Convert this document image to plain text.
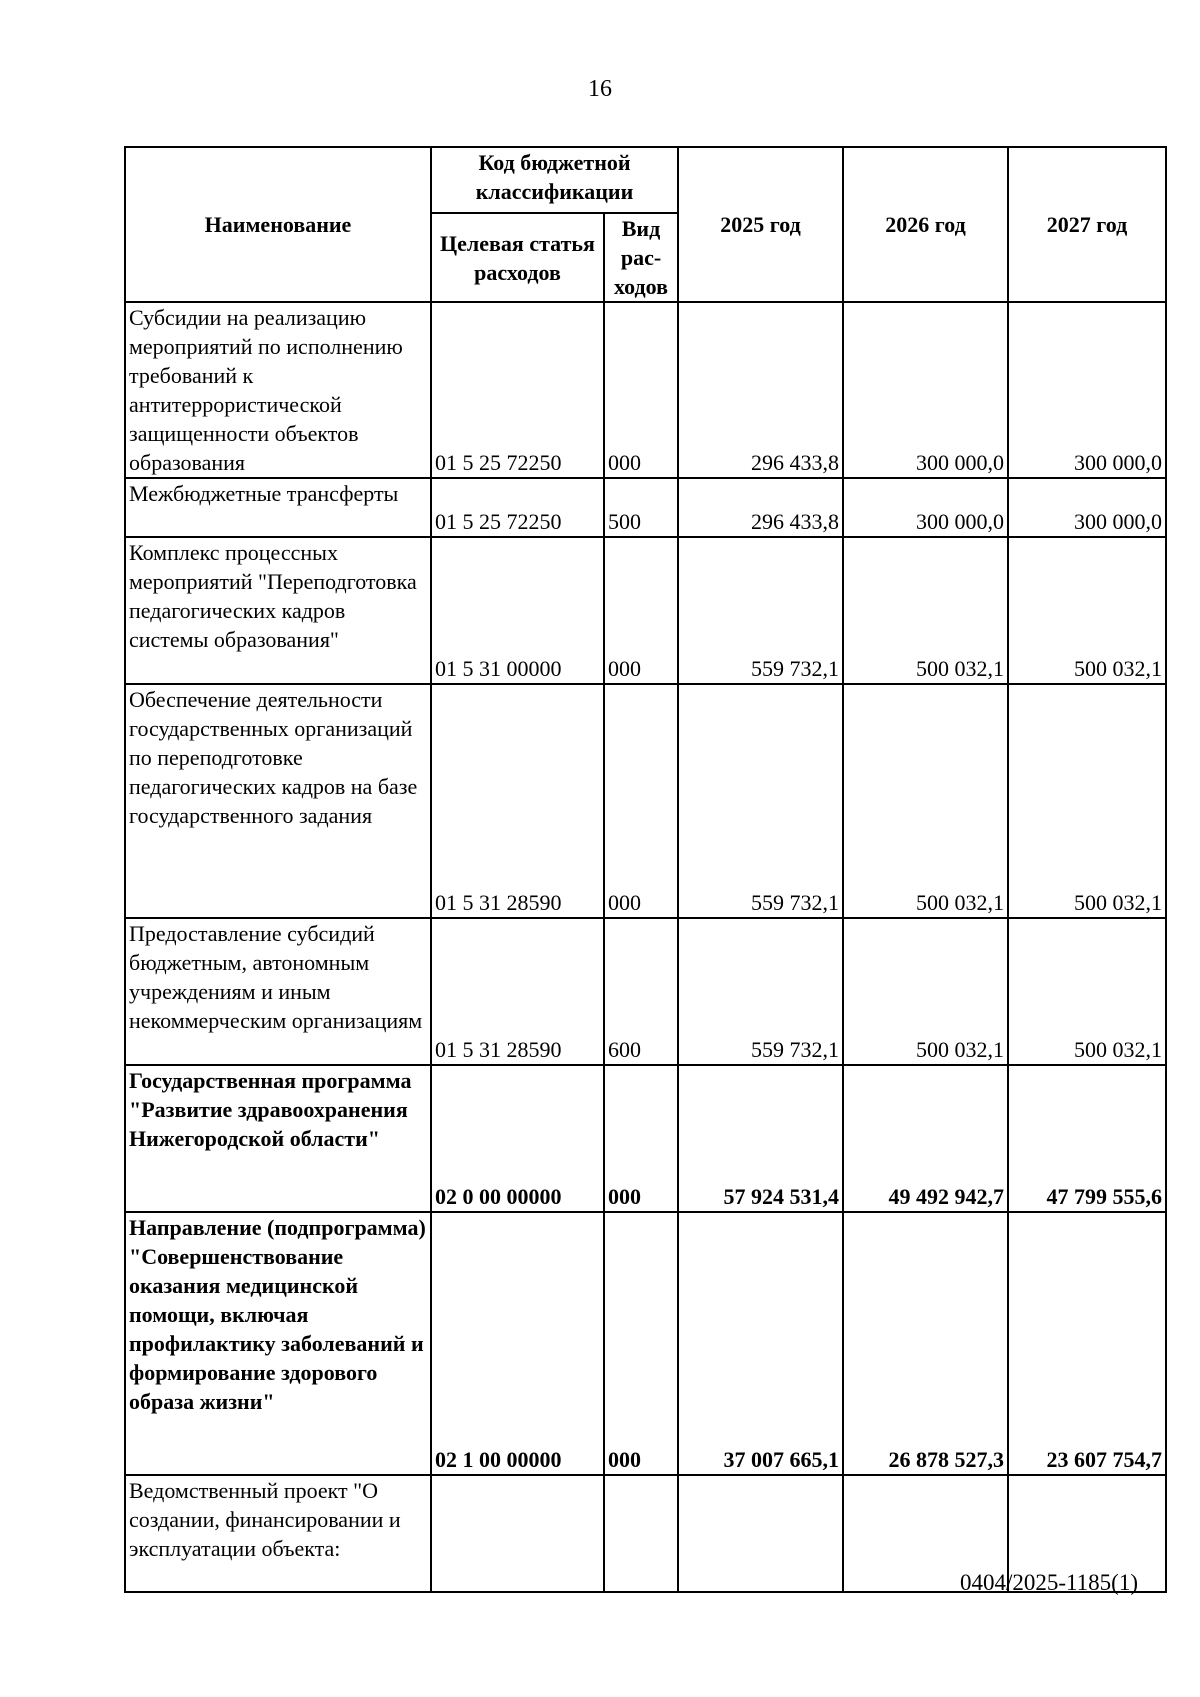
16
Наименование	Код бюджетной классификации		2025 год	2026 год	2027 год
	Целевая статья расходов	Вид рас-ходов			
Субсидии на реализацию мероприятий по исполнению требований к антитеррористической защищенности объектов образования	01 5 25 72250	000	296 433,8	300 000,0	300 000,0
Межбюджетные трансферты	01 5 25 72250	500	296 433,8	300 000,0	300 000,0
Комплекс процессных мероприятий "Переподготовка педагогических кадров системы образования"	01 5 31 00000	000	559 732,1	500 032,1	500 032,1
Обеспечение деятельности государственных организаций по переподготовке педагогических кадров на базе государственного задания	01 5 31 28590	000	559 732,1	500 032,1	500 032,1
Предоставление субсидий бюджетным, автономным учреждениям и иным некоммерческим организациям	01 5 31 28590	600	559 732,1	500 032,1	500 032,1
Государственная программа "Развитие здравоохранения Нижегородской области"	02 0 00 00000	000	57 924 531,4	49 492 942,7	47 799 555,6
Направление (подпрограмма) "Совершенствование оказания медицинской помощи, включая профилактику заболеваний и формирование здорового образа жизни"	02 1 00 00000	000	37 007 665,1	26 878 527,3	23 607 754,7
Ведомственный проект "О создании, финансировании и эксплуатации объекта:					
0404/2025-1185(1)
